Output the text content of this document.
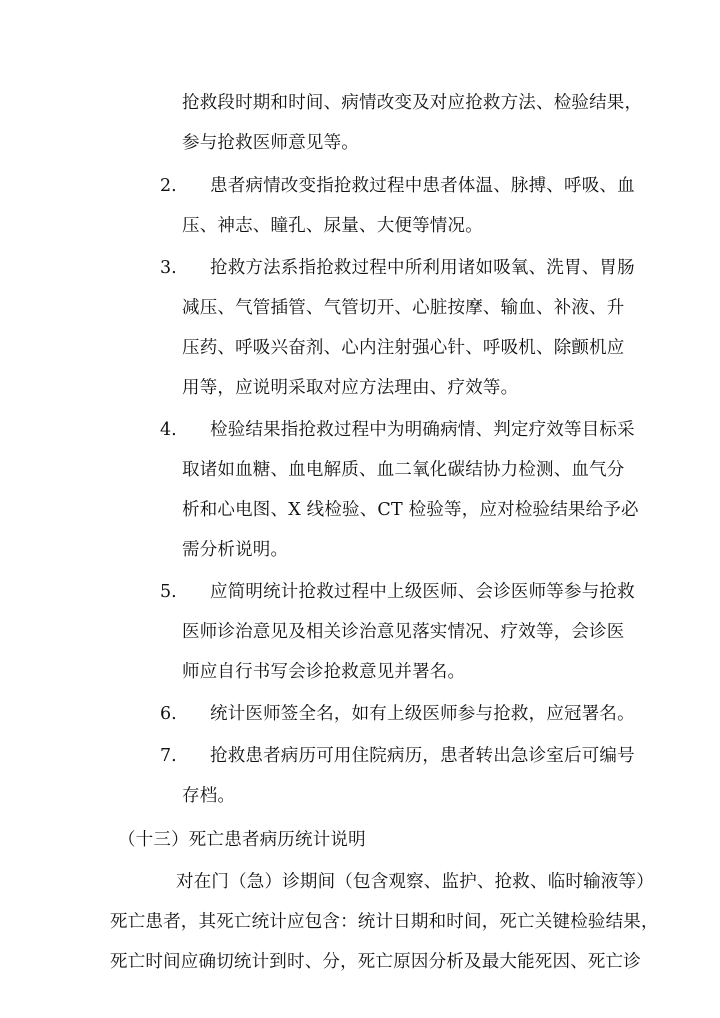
抢救段时期和时间、病情改变及对应抢救方法、检验结果，
参与抢救医师意见等。
2. 患者病情改变指抢救过程中患者体温、脉搏、呼吸、血
压、神志、瞳孔、尿量、大便等情况。
3. 抢救方法系指抢救过程中所利用诸如吸氧、洗胃、胃肠
减压、气管插管、气管切开、心脏按摩、输血、补液、升
压药、呼吸兴奋剂、心内注射强心针、呼吸机、除颤机应
用等，应说明采取对应方法理由、疗效等。
4. 检验结果指抢救过程中为明确病情、判定疗效等目标采
取诸如血糖、血电解质、血二氧化碳结协力检测、血气分
析和心电图、X 线检验、CT 检验等，应对检验结果给予必
需分析说明。
5. 应简明统计抢救过程中上级医师、会诊医师等参与抢救
医师诊治意见及相关诊治意见落实情况、疗效等，会诊医
师应自行书写会诊抢救意见并署名。
6. 统计医师签全名，如有上级医师参与抢救，应冠署名。
7. 抢救患者病历可用住院病历，患者转出急诊室后可编号
存档。
（十三）死亡患者病历统计说明
对在门（急）诊期间（包含观察、监护、抢救、临时输液等）
死亡患者，其死亡统计应包含：统计日期和时间，死亡关键检验结果，
死亡时间应确切统计到时、分，死亡原因分析及最大能死因、死亡诊
